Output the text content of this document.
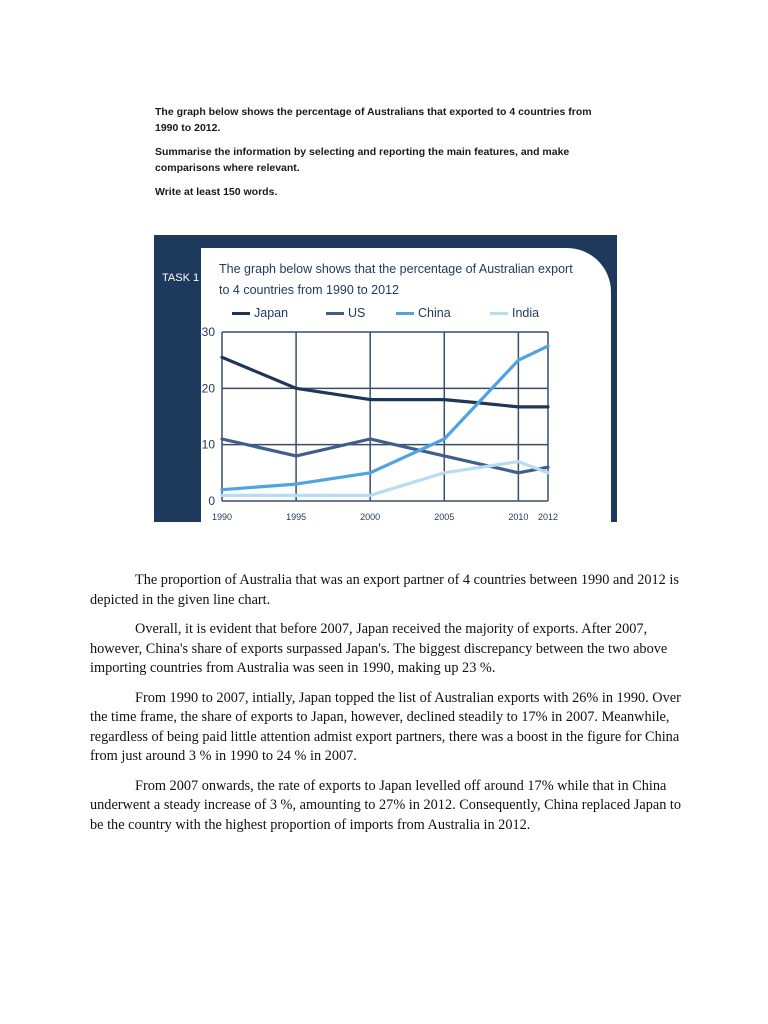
The graph below shows the percentage of Australians that exported to 4 countries from 1990 to 2012.

Summarise the information by selecting and reporting the main features, and make comparisons where relevant.

Write at least 150 words.

TASK 1
The graph below shows that the percentage of Australian export to 4 countries from 1990 to 2012
Japan	US	China	India
0
10
20
30
1990	1995	2000	2005	2010 2012

The proportion of Australia that was an export partner of 4 countries between 1990 and 2012 is depicted in the given line chart.

Overall, it is evident that before 2007, Japan received the majority of exports. After 2007, however, China's share of exports surpassed Japan's. The biggest discrepancy between the two above importing countries from Australia was seen in 1990, making up 23 %.

From 1990 to 2007, intially, Japan topped the list of Australian exports with 26% in 1990. Over the time frame, the share of exports to Japan, however, declined steadily to 17% in 2007. Meanwhile, regardless of being paid little attention admist export partners, there was a boost in the figure for China from just around 3 % in 1990 to 24 % in 2007.

From 2007 onwards, the rate of exports to Japan levelled off around 17% while that in China underwent a steady increase of 3 %, amounting to 27% in 2012. Consequently, China replaced Japan to be the country with the highest proportion of imports from Australia in 2012.
